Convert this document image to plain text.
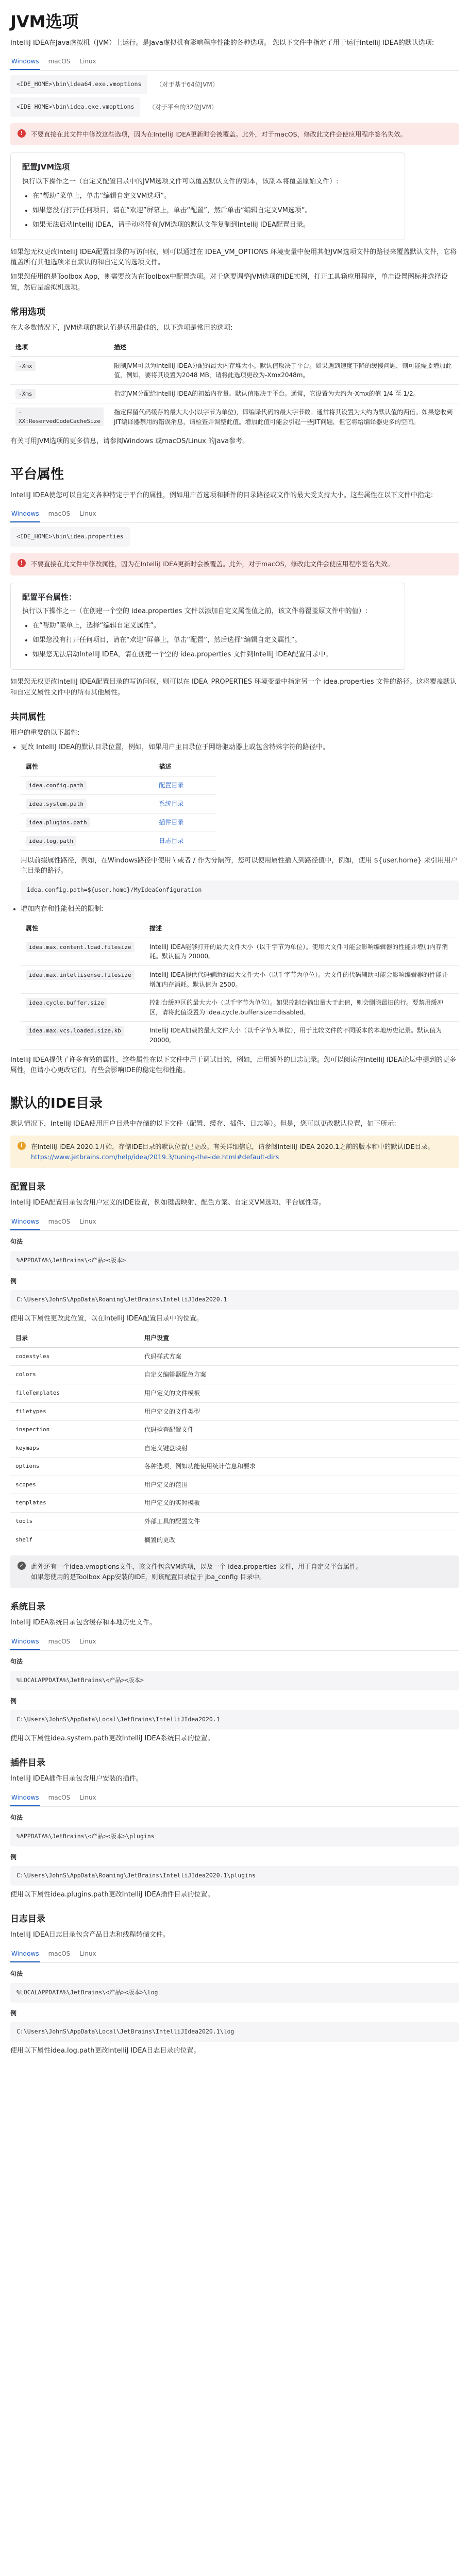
JVM选项

IntelliJ IDEA在Java虚拟机（JVM）上运行。是Java虚拟机有影响程序性能的各种选项。 您以下文件中指定了用于运行IntelliJ IDEA的默认选项:

Windows macOS Linux
<IDE_HOME>\bin\idea64.exe.vmoptions	（对于基于64位JVM）
<IDE_HOME>\bin\idea.exe.vmoptions	（对于平台的32位JVM）
!	不要直接在此文件中修改这些选项，因为在IntelliJ IDEA更新时会被覆盖。此外，对于macOS，修改此文件会使应用程序签名失效。
配置JVM选项

执行以下操作之一（自定义配置目录中的JVM选项文件可以覆盖默认文件的副本，该副本将覆盖原始文件）:

• 在“帮助”菜单上，单击“编辑自定义VM选项”。
• 如果您没有打开任何项目，请在“欢迎”屏幕上，单击“配置”，然后单击“编辑自定义VM选项”。
• 如果无法启动IntelliJ IDEA，请手动将带有JVM选项的默认文件复制到IntelliJ IDEA配置目录。

如果您无权更改IntelliJ IDEA配置目录的写访问权，则可以通过在 IDEA_VM_OPTIONS 环境变量中使用其他JVM选项文件的路径来覆盖默认文件，它将覆盖所有其他选项来自默认的和自定义的选项文件。

如果您使用的是Toolbox App，则需要改为在Toolbox中配置选项。对于您要调整JVM选项的IDE实例，打开工具箱应用程序，单击设置图标并选择设置，然后是虚拟机选项。

常用选项

在大多数情况下，JVM选项的默认值是适用最佳的，以下选项是常用的选项:

选项	描述
-Xmx	限制JVM可以为IntelliJ IDEA分配的最大内存堆大小。默认值取决于平台。如果遇到速度下降的缓慢问题，则可能需要增加此值，例如，要将其设置为2048 MB，请将此选项更改为-Xmx2048m。
-Xms	指定JVM分配给IntelliJ IDEA的初始内存量。默认值取决于平台。通常，它设置为大约为-Xmx的值 1/4 至 1/2。
-XX:ReservedCodeCacheSize	指定保留代码缓存的最大大小(以字节为单位)，即编译代码的最大字节数。通常将其设置为大约为默认值的两倍。如果您收到JIT编译器禁用的错误消息，请检查并调整此值。增加此值可能会引起一些JIT问题，但它将给编译器更多的空间。

有关可用JVM选项的更多信息，请参阅Windows 或macOS/Linux 的java参考。

平台属性

IntelliJ IDEA使您可以自定义各种特定于平台的属性，例如用户首选项和插件的目录路径或文件的最大受支持大小。这些属性在以下文件中指定:

Windows macOS Linux
<IDE_HOME>\bin\idea.properties
!	不要直接在此文件中修改属性，因为在IntelliJ IDEA更新时会被覆盖。此外，对于macOS，修改此文件会使应用程序签名失效。
配置平台属性：

执行以下操作之一（在创建一个空的 idea.properties 文件以添加自定义属性值之前，该文件将覆盖原文件中的值）:

• 在“帮助”菜单上，选择“编辑自定义属性”。
• 如果您没有打开任何项目，请在“欢迎”屏幕上，单击“配置”，然后选择“编辑自定义属性”。
• 如果您无法启动IntelliJ IDEA，请在创建一个空的 idea.properties 文件到IntelliJ IDEA配置目录中。

如果您无权更改IntelliJ IDEA配置目录的写访问权，则可以在 IDEA_PROPERTIES 环境变量中指定另一个 idea.properties 文件的路径。这将覆盖默认和自定义属性文件中的所有其他属性。

共同属性

用户的重要的以下属性:

• 更改 IntelliJ IDEA的默认目录位置，例如，如果用户主目录位于网络驱动器上或包含特殊字符的路径中。
属性	描述
idea.config.path	配置目录
idea.system.path	系统目录
idea.plugins.path	插件目录
idea.log.path	日志目录

用以前缀属性路径，例如，在Windows路径中使用 \ 或者 / 作为分隔符，您可以使用属性插入到路径值中，例如，使用 ${user.home} 来引用用户主目录的路径。

idea.config.path=${user.home}/MyIdeaConfiguration
• 增加内存和性能相关的限制:
属性	描述
idea.max.content.load.filesize	IntelliJ IDEA能够打开的最大文件大小（以千字节为单位）。使用大文件可能会影响编辑器的性能并增加内存消耗。默认值为 20000。
idea.max.intellisense.filesize	IntelliJ IDEA提供代码辅助的最大文件大小（以千字节为单位）。大文件的代码辅助可能会影响编辑器的性能并增加内存消耗。默认值为 2500。
idea.cycle.buffer.size	控制台缓冲区的最大大小（以千字节为单位）。如果控制台输出量大于此值，则会删除最旧的行。要禁用缓冲区，请将此值设置为 idea.cycle.buffer.size=disabled。
idea.max.vcs.loaded.size.kb	IntelliJ IDEA加载的最大文件大小（以千字节为单位），用于比较文件的不同版本的本地历史记录。默认值为 20000。

IntelliJ IDEA提供了许多有效的属性，这些属性在以下文件中用于调试目的，例如，启用额外的日志记录。您可以阅读在IntelliJ IDEA论坛中提到的更多属性，但请小心更改它们，有些会影响IDE的稳定性和性能。

默认的IDE目录

默认情况下，IntelliJ IDEA使用用户目录中存储的以下文件（配置、缓存、插件、日志等）。但是，您可以更改默认位置，如下所示:

i	在IntelliJ IDEA 2020.1开始，存储IDE目录的默认位置已更改。有关详细信息，请参阅IntelliJ IDEA 2020.1之前的版本和中的默认IDE目录。
https://www.jetbrains.com/help/idea/2019.3/tuning-the-ide.html#default-dirs
配置目录

IntelliJ IDEA配置目录包含用户定义的IDE设置，例如键盘映射、配色方案、自定义VM选项、平台属性等。

Windows macOS Linux
句法
%APPDATA%\JetBrains\<产品><版本>
例
C:\Users\JohnS\AppData\Roaming\JetBrains\IntelliJIdea2020.1

使用以下属性更改此位置，以在IntelliJ IDEA配置目录中的位置。

目录	用户设置
codestyles	代码样式方案
colors	自定义编辑器配色方案
fileTemplates	用户定义的文件模板
filetypes	用户定义的文件类型
inspection	代码检查配置文件
keymaps	自定义键盘映射
options	各种选项，例如功能使用统计信息和要求
scopes	用户定义的范围
templates	用户定义的实时模板
tools	外部工具的配置文件
shelf	搁置的更改
✓ 此外还有一个idea.vmoptions文件，该文件包含VM选项，以及一个 idea.properties 文件，用于自定义平台属性。
如果您使用的是Toolbox App安装的IDE，则该配置目录位于 jba_config 目录中。
系统目录

IntelliJ IDEA系统目录包含缓存和本地历史文件。

Windows macOS Linux
句法
%LOCALAPPDATA%\JetBrains\<产品><版本>
例
C:\Users\JohnS\AppData\Local\JetBrains\IntelliJIdea2020.1

使用以下属性idea.system.path更改IntelliJ IDEA系统目录的位置。

插件目录

IntelliJ IDEA插件目录包含用户安装的插件。

Windows macOS Linux
句法
%APPDATA%\JetBrains\<产品><版本>\plugins
例
C:\Users\JohnS\AppData\Roaming\JetBrains\IntelliJIdea2020.1\plugins

使用以下属性idea.plugins.path更改IntelliJ IDEA插件目录的位置。

日志目录

IntelliJ IDEA日志目录包含产品日志和线程转储文件。

Windows macOS Linux
句法
%LOCALAPPDATA%\JetBrains\<产品><版本>\log
例
C:\Users\JohnS\AppData\Local\JetBrains\IntelliJIdea2020.1\log

使用以下属性idea.log.path更改IntelliJ IDEA日志目录的位置。
